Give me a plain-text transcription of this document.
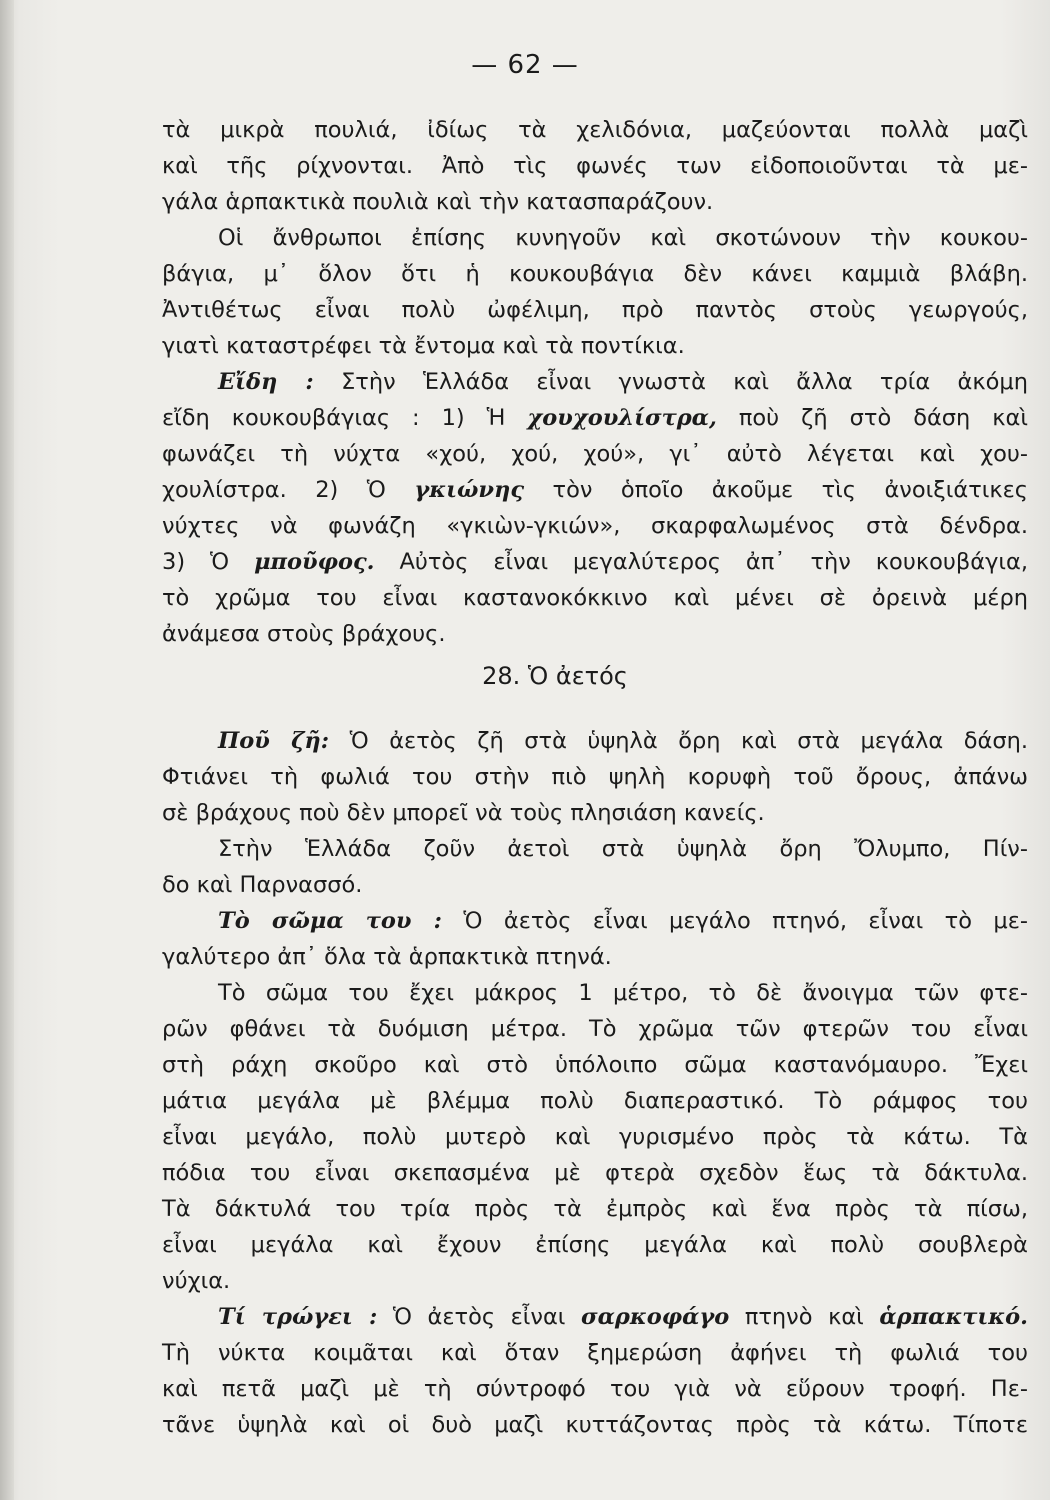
— 62 —
τὰ μικρὰ πουλιά, ἰδίως τὰ χελιδόνια, μαζεύονται πολλὰ μαζὶ
καὶ τῆς ρίχνονται. Ἀπὸ τὶς φωνές των εἰδοποιοῦνται τὰ με-
γάλα ἁρπακτικὰ πουλιὰ καὶ τὴν κατασπαράζουν.
Οἱ ἄνθρωποι ἐπίσης κυνηγοῦν καὶ σκοτώνουν τὴν κουκου-
βάγια, μ᾽ ὅλον ὅτι ἡ κουκουβάγια δὲν κάνει καμμιὰ βλάβη.
Ἀντιθέτως εἶναι πολὺ ὠφέλιμη, πρὸ παντὸς στοὺς γεωργούς,
γιατὶ καταστρέφει τὰ ἔντομα καὶ τὰ ποντίκια.
Εἴδη : Στὴν Ἑλλάδα εἶναι γνωστὰ καὶ ἄλλα τρία ἀκόμη
εἴδη κουκουβάγιας : 1) Ἡ χουχουλίστρα, ποὺ ζῆ στὸ δάση καὶ
φωνάζει τὴ νύχτα «χού, χού, χού», γι᾽ αὐτὸ λέγεται καὶ χου-
χουλίστρα. 2) Ὁ γκιώνης τὸν ὁποῖο ἀκοῦμε τὶς ἀνοιξιάτικες
νύχτες νὰ φωνάζη «γκιὼν-γκιών», σκαρφαλωμένος στὰ δένδρα.
3) Ὁ μποῦφος. Αὐτὸς εἶναι μεγαλύτερος ἀπ᾽ τὴν κουκουβάγια,
τὸ χρῶμα του εἶναι καστανοκόκκινο καὶ μένει σὲ ὀρεινὰ μέρη
ἀνάμεσα στοὺς βράχους.
28. Ὁ ἀετός
Ποῦ ζῆ: Ὁ ἀετὸς ζῆ στὰ ὑψηλὰ ὄρη καὶ στὰ μεγάλα δάση.
Φτιάνει τὴ φωλιά του στὴν πιὸ ψηλὴ κορυφὴ τοῦ ὄρους, ἀπάνω
σὲ βράχους ποὺ δὲν μπορεῖ νὰ τοὺς πλησιάση κανείς.
Στὴν Ἑλλάδα ζοῦν ἀετοὶ στὰ ὑψηλὰ ὄρη Ὄλυμπο, Πίν-
δο καὶ Παρνασσό.
Τὸ σῶμα του : Ὁ ἀετὸς εἶναι μεγάλο πτηνό, εἶναι τὸ με-
γαλύτερο ἀπ᾽ ὅλα τὰ ἁρπακτικὰ πτηνά.
Τὸ σῶμα του ἔχει μάκρος 1 μέτρο, τὸ δὲ ἄνοιγμα τῶν φτε-
ρῶν φθάνει τὰ δυόμιση μέτρα. Τὸ χρῶμα τῶν φτερῶν του εἶναι
στὴ ράχη σκοῦρο καὶ στὸ ὑπόλοιπο σῶμα καστανόμαυρο. Ἔχει
μάτια μεγάλα μὲ βλέμμα πολὺ διαπεραστικό. Τὸ ράμφος του
εἶναι μεγάλο, πολὺ μυτερὸ καὶ γυρισμένο πρὸς τὰ κάτω. Τὰ
πόδια του εἶναι σκεπασμένα μὲ φτερὰ σχεδὸν ἕως τὰ δάκτυλα.
Τὰ δάκτυλά του τρία πρὸς τὰ ἐμπρὸς καὶ ἕνα πρὸς τὰ πίσω,
εἶναι μεγάλα καὶ ἔχουν ἐπίσης μεγάλα καὶ πολὺ σουβλερὰ
νύχια.
Τί τρώγει : Ὁ ἀετὸς εἶναι σαρκοφάγο πτηνὸ καὶ ἁρπακτικό.
Τὴ νύκτα κοιμᾶται καὶ ὅταν ξημερώση ἀφήνει τὴ φωλιά του
καὶ πετᾶ μαζὶ μὲ τὴ σύντροφό του γιὰ νὰ εὕρουν τροφή. Πε-
τᾶνε ὑψηλὰ καὶ οἱ δυὸ μαζὶ κυττάζοντας πρὸς τὰ κάτω. Τίποτε
